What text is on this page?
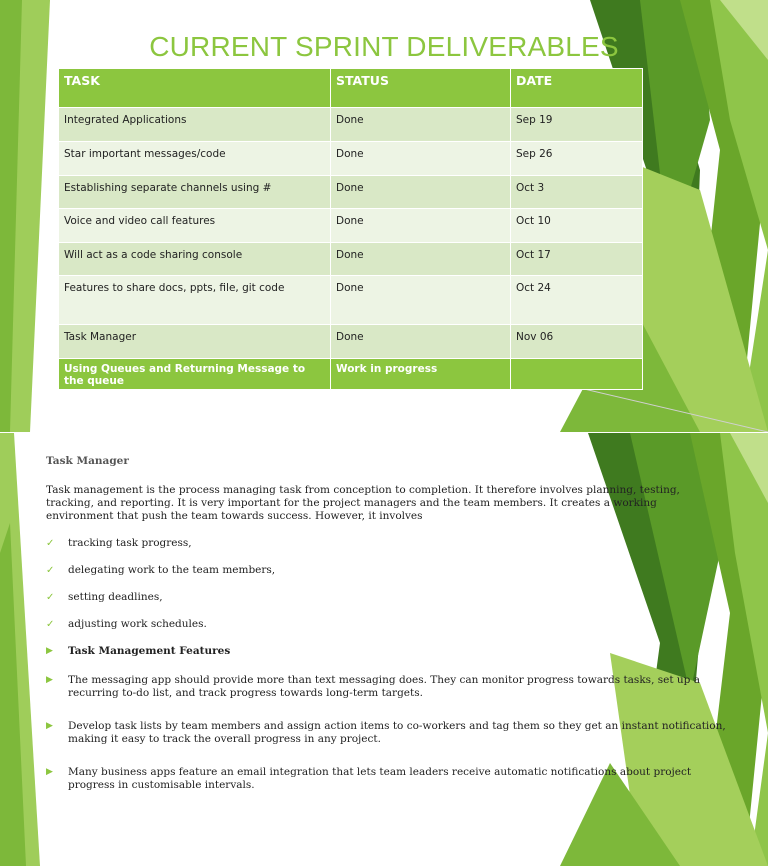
CURRENT SPRINT DELIVERABLES
TASK	STATUS	DATE
Integrated Applications	Done	Sep 19
Star important messages/code	Done	Sep 26
Establishing separate channels using #	Done	Oct 3
Voice and video call features	Done	Oct 10
Will act as a code sharing console	Done	Oct 17
Features to share docs, ppts, file, git code	Done	Oct 24
Task Manager	Done	Nov 06
Using Queues and Returning Message to the queue	Work in progress	

Task Manager

Task management is the process managing task from conception to completion. It therefore involves planning, testing, tracking, and reporting. It is very important for the project managers and the team members. It creates a working environment that push the team towards success. However, it involves

✓ tracking task progress,
✓ delegating work to the team members,
✓ setting deadlines,
✓ adjusting work schedules.
▶ Task Management Features
▶ The messaging app should provide more than text messaging does. They can monitor progress towards tasks, set up a recurring to-do list, and track progress towards long-term targets.
▶ Develop task lists by team members and assign action items to co-workers and tag them so they get an instant notification, making it easy to track the overall progress in any project.
▶ Many business apps feature an email integration that lets team leaders receive automatic notifications about project progress in customisable intervals.
